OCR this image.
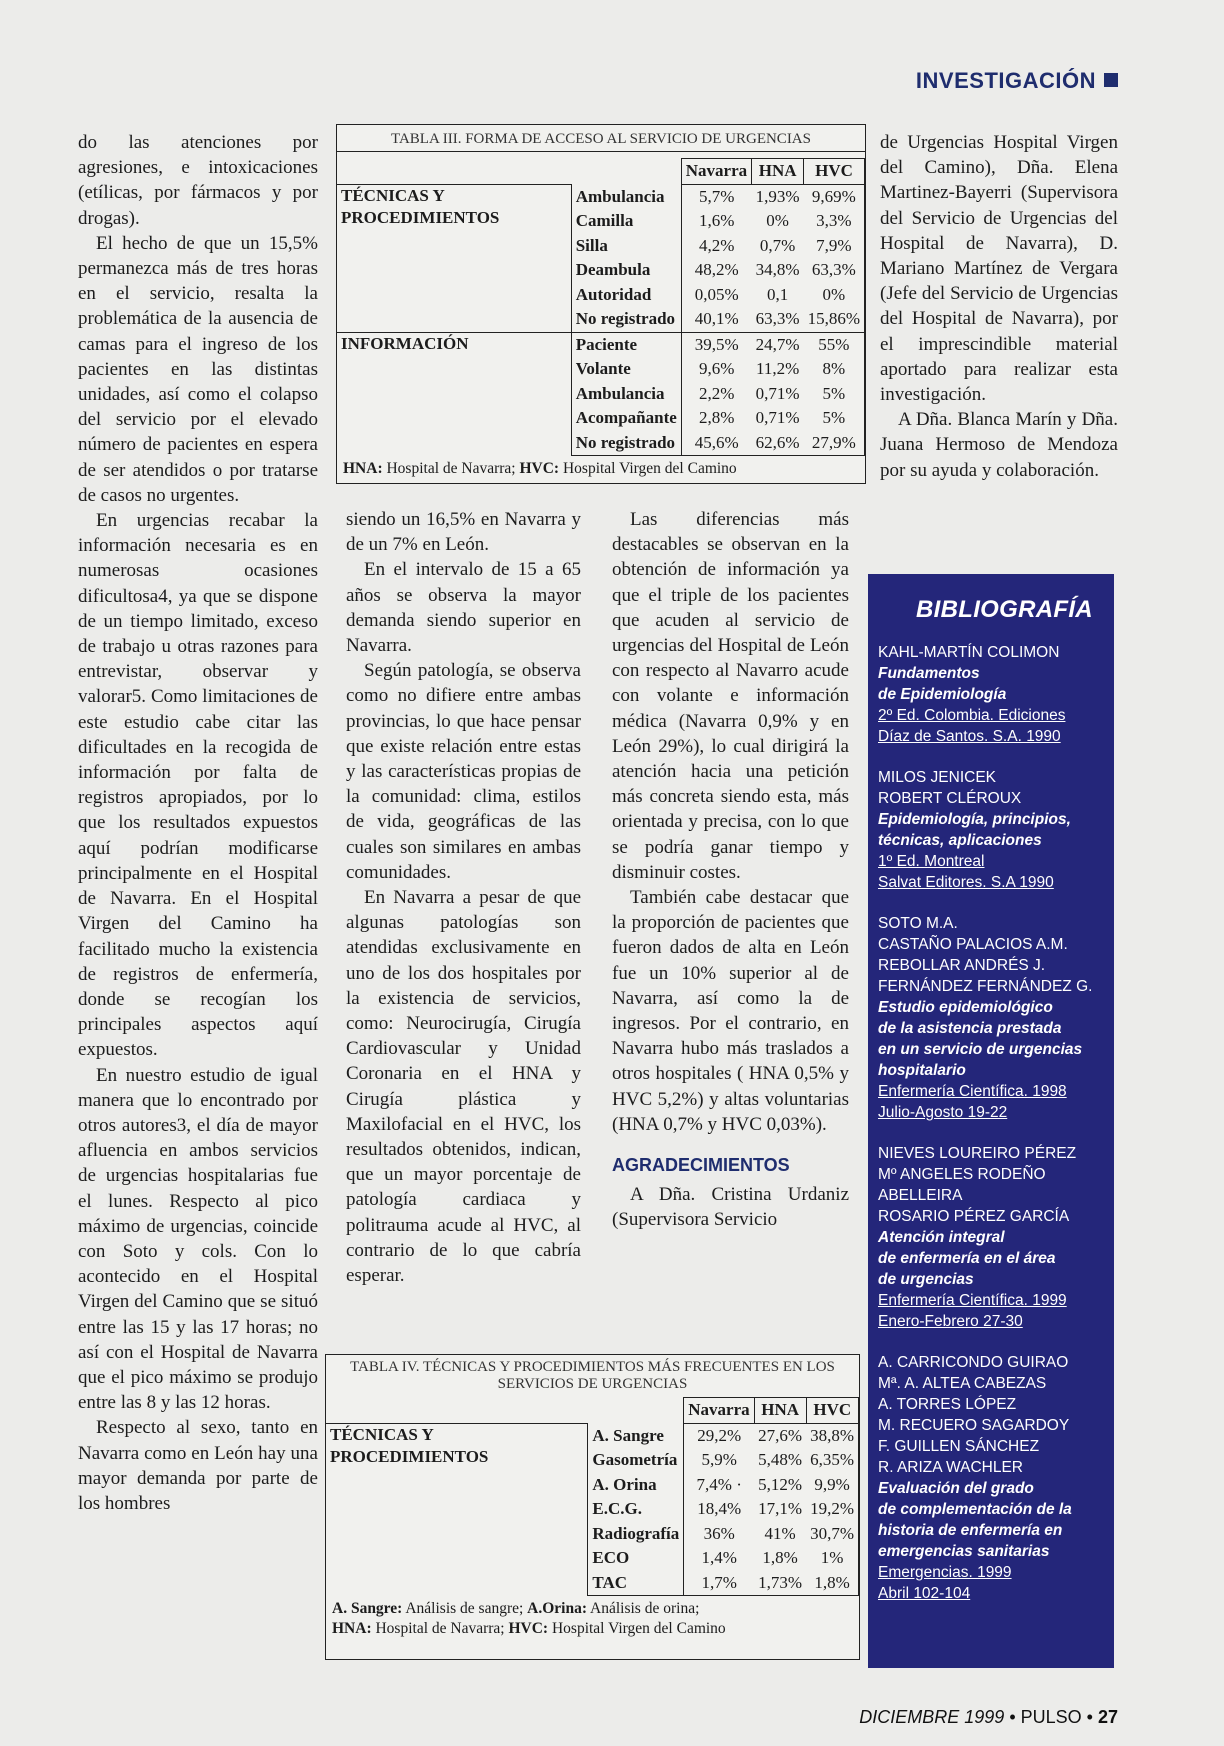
INVESTIGACIÓN

do las atenciones por agresiones, e intoxicaciones (etílicas, por fármacos y por drogas).

El hecho de que un 15,5% permanezca más de tres horas en el servicio, resalta la problemática de la ausencia de camas para el ingreso de los pacientes en las distintas unidades, así como el colapso del servicio por el elevado número de pacientes en espera de ser atendidos o por tratarse de casos no urgentes.

En urgencias recabar la información necesaria es en numerosas ocasiones dificultosa4, ya que se dispone de un tiempo limitado, exceso de trabajo u otras razones para entrevistar, observar y valorar5. Como limitaciones de este estudio cabe citar las dificultades en la recogida de información por falta de registros apropiados, por lo que los resultados expuestos aquí podrían modificarse principalmente en el Hospital de Navarra. En el Hospital Virgen del Camino ha facilitado mucho la existencia de registros de enfermería, donde se recogían los principales aspectos aquí expuestos.

En nuestro estudio de igual manera que lo encontrado por otros autores3, el día de mayor afluencia en ambos servicios de urgencias hospitalarias fue el lunes. Respecto al pico máximo de urgencias, coincide con Soto y cols. Con lo acontecido en el Hospital Virgen del Camino que se situó entre las 15 y las 17 horas; no así con el Hospital de Navarra que el pico máximo se produjo entre las 8 y las 12 horas.

Respecto al sexo, tanto en Navarra como en León hay una mayor demanda por parte de los hombres

siendo un 16,5% en Navarra y de un 7% en León.

En el intervalo de 15 a 65 años se observa la mayor demanda siendo superior en Navarra.

Según patología, se observa como no difiere entre ambas provincias, lo que hace pensar que existe relación entre estas y las características propias de la comunidad: clima, estilos de vida, geográficas de las cuales son similares en ambas comunidades.

En Navarra a pesar de que algunas patologías son atendidas exclusivamente en uno de los dos hospitales por la existencia de servicios, como: Neurocirugía, Cirugía Cardiovascular y Unidad Coronaria en el HNA y Cirugía plástica y Maxilofacial en el HVC, los resultados obtenidos, indican, que un mayor porcentaje de patología cardiaca y politrauma acude al HVC, al contrario de lo que cabría esperar.

Las diferencias más destacables se observan en la obtención de información ya que el triple de los pacientes que acuden al servicio de urgencias del Hospital de León con respecto al Navarro acude con volante e información médica (Navarra 0,9% y en León 29%), lo cual dirigirá la atención hacia una petición más concreta siendo esta, más orientada y precisa, con lo que se podría ganar tiempo y disminuir costes.

También cabe destacar que la proporción de pacientes que fueron dados de alta en León fue un 10% superior al de Navarra, así como la de ingresos. Por el contrario, en Navarra hubo más traslados a otros hospitales ( HNA 0,5% y HVC 5,2%) y altas voluntarias (HNA 0,7% y HVC 0,03%).

AGRADECIMIENTOS

A Dña. Cristina Urdaniz (Supervisora Servicio

de Urgencias Hospital Virgen del Camino), Dña. Elena Martinez-Bayerri (Supervisora del Servicio de Urgencias del Hospital de Navarra), D. Mariano Martínez de Vergara (Jefe del Servicio de Urgencias del Hospital de Navarra), por el imprescindible material aportado para realizar esta investigación.

A Dña. Blanca Marín y Dña. Juana Hermoso de Mendoza por su ayuda y colaboración.

TABLA III. FORMA DE ACCESO AL SERVICIO DE URGENCIAS
		Navarra	HNA	HVC
TÉCNICAS Y PROCEDIMIENTOS	Ambulancia	5,7%	1,93%	9,69%
	Camilla	1,6%	0%	3,3%
	Silla	4,2%	0,7%	7,9%
	Deambula	48,2%	34,8%	63,3%
	Autoridad	0,05%	0,1	0%
	No registrado	40,1%	63,3%	15,86%
INFORMACIÓN	Paciente	39,5%	24,7%	55%
	Volante	9,6%	11,2%	8%
	Ambulancia	2,2%	0,71%	5%
	Acompañante	2,8%	0,71%	5%
	No registrado	45,6%	62,6%	27,9%
HNA: Hospital de Navarra; HVC: Hospital Virgen del Camino
TABLA IV. TÉCNICAS Y PROCEDIMIENTOS MÁS FRECUENTES EN LOS SERVICIOS DE URGENCIAS
		Navarra	HNA	HVC
TÉCNICAS Y PROCEDIMIENTOS	A. Sangre	29,2%	27,6%	38,8%
	Gasometría	5,9%	5,48%	6,35%
	A. Orina	7,4% ·	5,12%	9,9%
	E.C.G.	18,4%	17,1%	19,2%
	Radiografía	36%	41%	30,7%
	ECO	1,4%	1,8%	1%
	TAC	1,7%	1,73%	1,8%
A. Sangre: Análisis de sangre; A.Orina: Análisis de orina;
HNA: Hospital de Navarra; HVC: Hospital Virgen del Camino
BIBLIOGRAFÍA
KAHL-MARTÍN COLIMON
Fundamentos
de Epidemiología
2º Ed. Colombia. Ediciones
Díaz de Santos. S.A. 1990
MILOS JENICEK
ROBERT CLÉROUX
Epidemiología, principios,
técnicas, aplicaciones
1º Ed. Montreal
Salvat Editores. S.A 1990
SOTO M.A.
CASTAÑO PALACIOS A.M.
REBOLLAR ANDRÉS J.
FERNÁNDEZ FERNÁNDEZ G.
Estudio epidemiológico
de la asistencia prestada
en un servicio de urgencias
hospitalario
Enfermería Científica. 1998
Julio-Agosto 19-22
NIEVES LOUREIRO PÉREZ
Mº ANGELES RODEÑO ABELLEIRA
ROSARIO PÉREZ GARCÍA
Atención integral
de enfermería en el área
de urgencias
Enfermería Científica. 1999
Enero-Febrero 27-30
A. CARRICONDO GUIRAO
Mª. A. ALTEA CABEZAS
A. TORRES LÓPEZ
M. RECUERO SAGARDOY
F. GUILLEN SÁNCHEZ
R. ARIZA WACHLER
Evaluación del grado
de complementación de la
historia de enfermería en
emergencias sanitarias
Emergencias. 1999
Abril 102-104
DICIEMBRE 1999 • PULSO • 27
